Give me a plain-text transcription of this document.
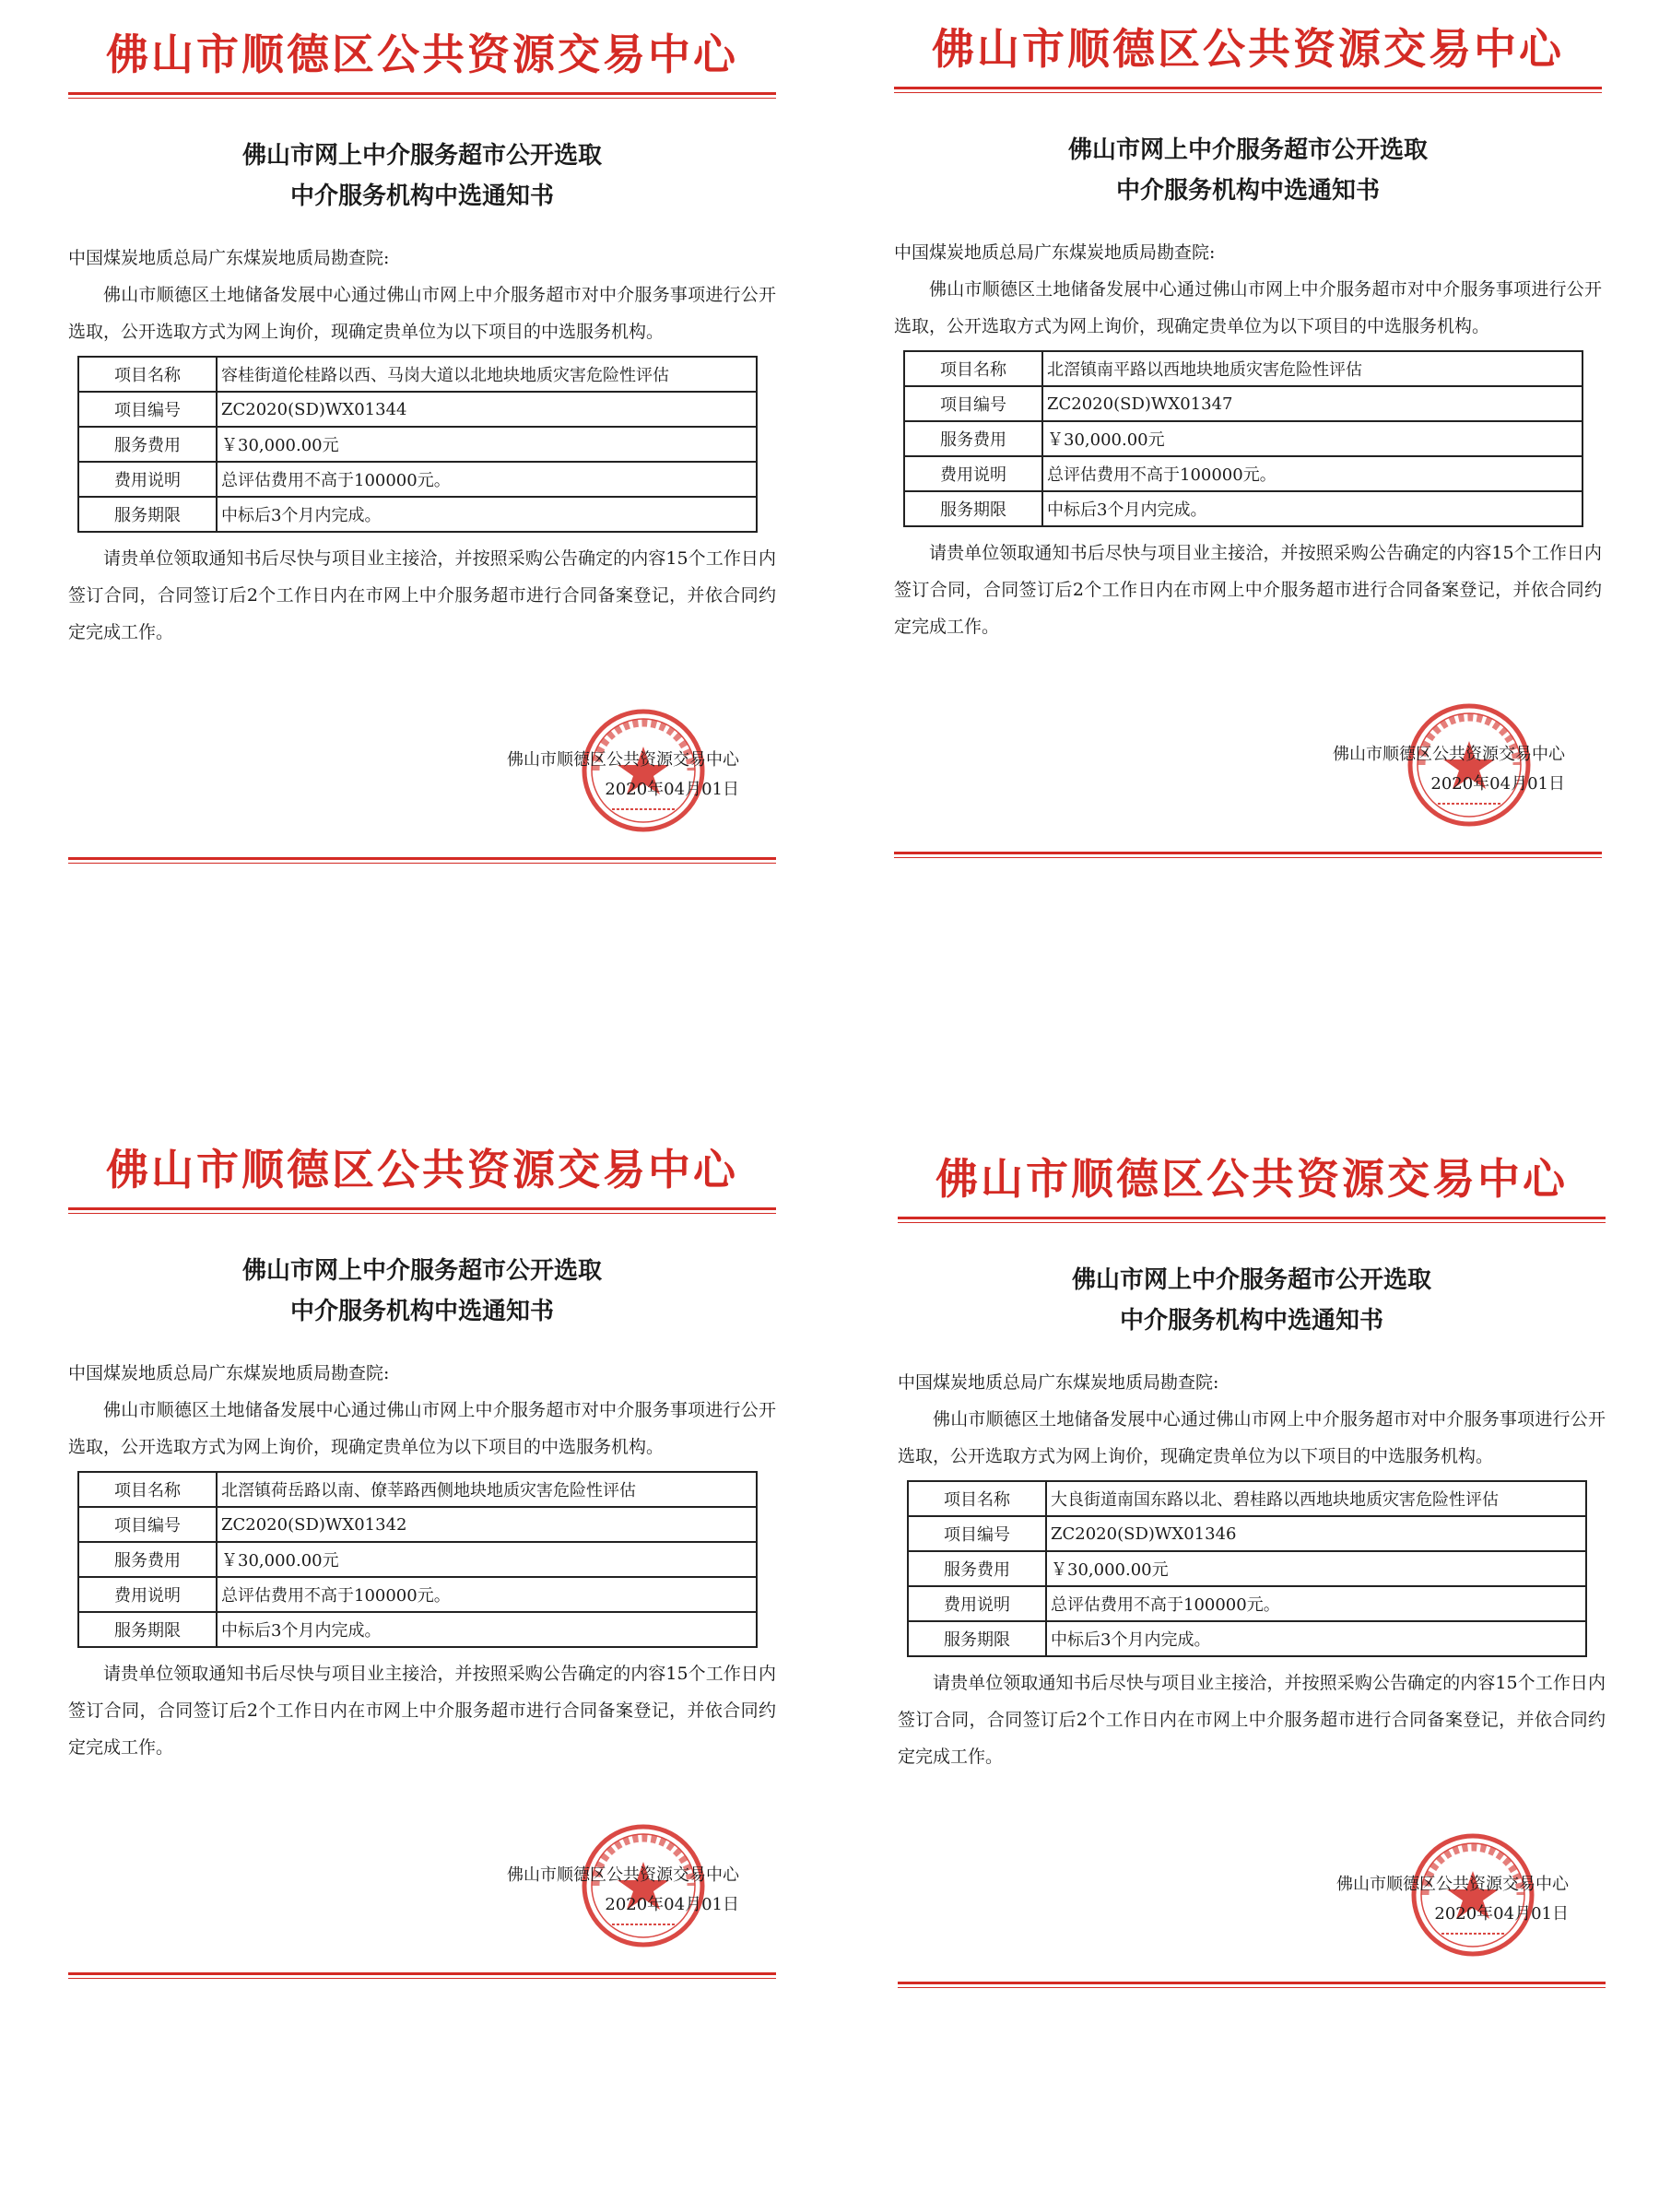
佛山市顺德区公共资源交易中心
佛山市网上中介服务超市公开选取
中介服务机构中选通知书
中国煤炭地质总局广东煤炭地质局勘查院:
佛山市顺德区土地储备发展中心通过佛山市网上中介服务超市对中介服务事项进行公开选取，公开选取方式为网上询价，现确定贵单位为以下项目的中选服务机构。
项目名称	容桂街道伦桂路以西、马岗大道以北地块地质灾害危险性评估
项目编号	ZC2020(SD)WX01344
服务费用	￥30,000.00元
费用说明	总评估费用不高于100000元。
服务期限	中标后3个月内完成。
请贵单位领取通知书后尽快与项目业主接洽，并按照采购公告确定的内容15个工作日内签订合同，合同签订后2个工作日内在市网上中介服务超市进行合同备案登记，并依合同约定完成工作。
佛山市顺德区公共资源交易中心
2020年04月01日
佛山市顺德区公共资源交易中心
佛山市网上中介服务超市公开选取
中介服务机构中选通知书
中国煤炭地质总局广东煤炭地质局勘查院:
佛山市顺德区土地储备发展中心通过佛山市网上中介服务超市对中介服务事项进行公开选取，公开选取方式为网上询价，现确定贵单位为以下项目的中选服务机构。
项目名称	北滘镇南平路以西地块地质灾害危险性评估
项目编号	ZC2020(SD)WX01347
服务费用	￥30,000.00元
费用说明	总评估费用不高于100000元。
服务期限	中标后3个月内完成。
请贵单位领取通知书后尽快与项目业主接洽，并按照采购公告确定的内容15个工作日内签订合同，合同签订后2个工作日内在市网上中介服务超市进行合同备案登记，并依合同约定完成工作。
佛山市顺德区公共资源交易中心
2020年04月01日
佛山市顺德区公共资源交易中心
佛山市网上中介服务超市公开选取
中介服务机构中选通知书
中国煤炭地质总局广东煤炭地质局勘查院:
佛山市顺德区土地储备发展中心通过佛山市网上中介服务超市对中介服务事项进行公开选取，公开选取方式为网上询价，现确定贵单位为以下项目的中选服务机构。
项目名称	北滘镇荷岳路以南、僚莘路西侧地块地质灾害危险性评估
项目编号	ZC2020(SD)WX01342
服务费用	￥30,000.00元
费用说明	总评估费用不高于100000元。
服务期限	中标后3个月内完成。
请贵单位领取通知书后尽快与项目业主接洽，并按照采购公告确定的内容15个工作日内签订合同，合同签订后2个工作日内在市网上中介服务超市进行合同备案登记，并依合同约定完成工作。
佛山市顺德区公共资源交易中心
2020年04月01日
佛山市顺德区公共资源交易中心
佛山市网上中介服务超市公开选取
中介服务机构中选通知书
中国煤炭地质总局广东煤炭地质局勘查院:
佛山市顺德区土地储备发展中心通过佛山市网上中介服务超市对中介服务事项进行公开选取，公开选取方式为网上询价，现确定贵单位为以下项目的中选服务机构。
项目名称	大良街道南国东路以北、碧桂路以西地块地质灾害危险性评估
项目编号	ZC2020(SD)WX01346
服务费用	￥30,000.00元
费用说明	总评估费用不高于100000元。
服务期限	中标后3个月内完成。
请贵单位领取通知书后尽快与项目业主接洽，并按照采购公告确定的内容15个工作日内签订合同，合同签订后2个工作日内在市网上中介服务超市进行合同备案登记，并依合同约定完成工作。
佛山市顺德区公共资源交易中心
2020年04月01日
